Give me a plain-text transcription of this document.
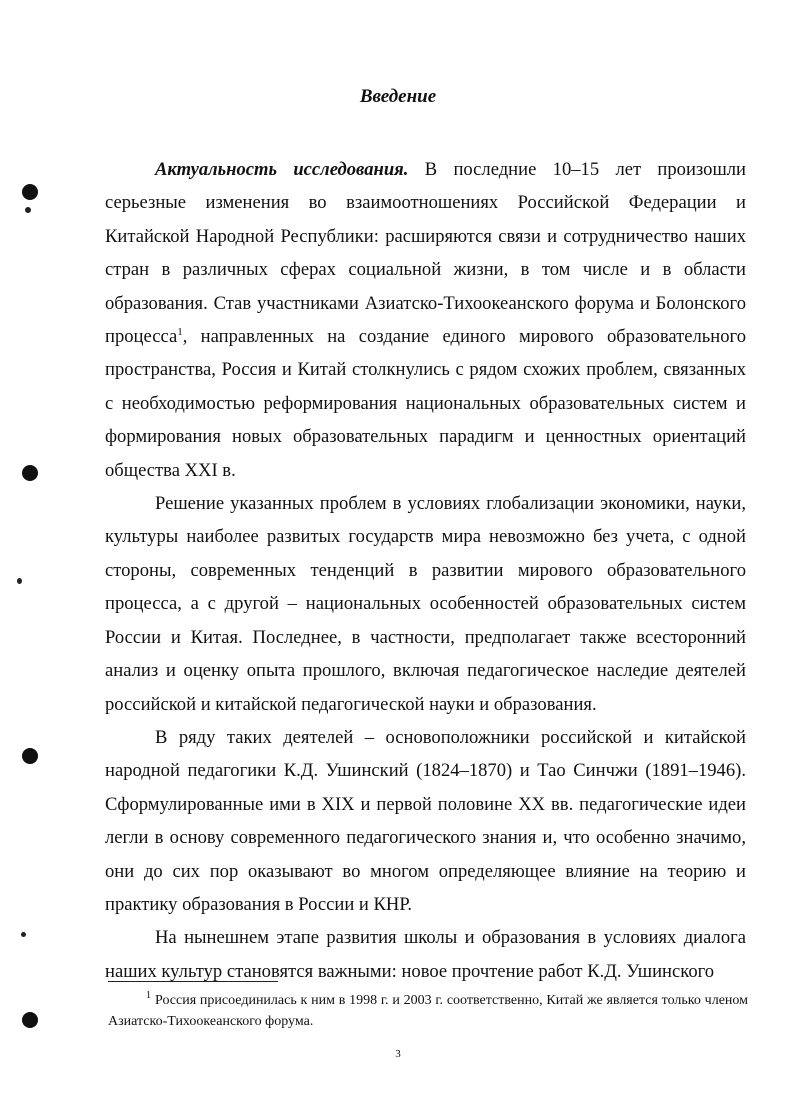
Введение

Актуальность исследования. В последние 10–15 лет произошли серьезные изменения во взаимоотношениях Российской Федерации и Китайской Народной Республики: расширяются связи и сотрудничество наших стран в различных сферах социальной жизни, в том числе и в области образования. Став участниками Азиатско-Тихоокеанского форума и Болонского процесса$^1$, направленных на создание единого мирового образовательного пространства, Россия и Китай столкнулись с рядом схожих проблем, связанных с необходимостью реформирования национальных образовательных систем и формирования новых образовательных парадигм и ценностных ориентаций общества XXI в.

Решение указанных проблем в условиях глобализации экономики, науки, культуры наиболее развитых государств мира невозможно без учета, с одной стороны, современных тенденций в развитии мирового образовательного процесса, а с другой – национальных особенностей образовательных систем России и Китая. Последнее, в частности, предполагает также всесторонний анализ и оценку опыта прошлого, включая педагогическое наследие деятелей российской и китайской педагогической науки и образования.

В ряду таких деятелей – основоположники российской и китайской народной педагогики К.Д. Ушинский (1824–1870) и Тао Синчжи (1891–1946). Сформулированные ими в XIX и первой половине XX вв. педагогические идеи легли в основу современного педагогического знания и, что особенно значимо, они до сих пор оказывают во многом определяющее влияние на теорию и практику образования в России и КНР.

На нынешнем этапе развития школы и образования в условиях диалога наших культур становятся важными: новое прочтение работ К.Д. Ушинского

$^1$ Россия присоединилась к ним в 1998 г. и 2003 г. соответственно, Китай же является только членом Азиатско-Тихоокеанского форума.
3
